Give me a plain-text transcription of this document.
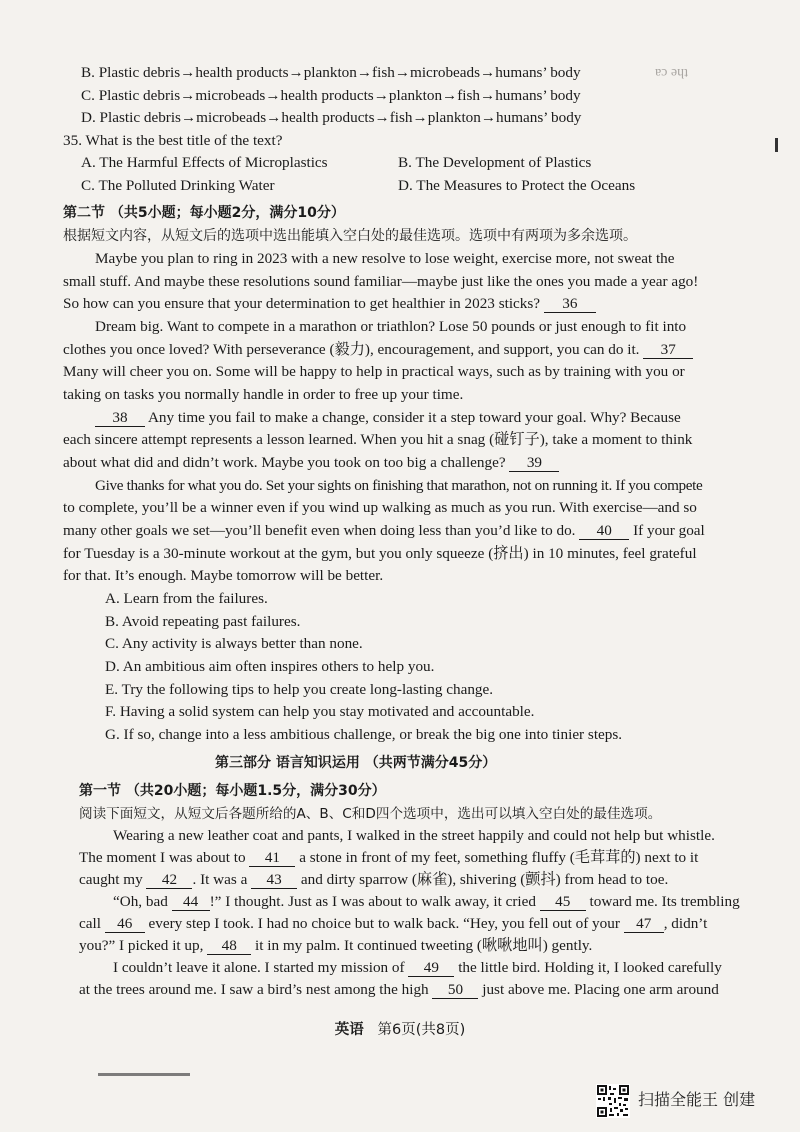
the ca
B. Plastic debris→health products→plankton→fish→microbeads→humans’ body
C. Plastic debris→microbeads→health products→plankton→fish→humans’ body
D. Plastic debris→microbeads→health products→fish→plankton→humans’ body
35. What is the best title of the text?
A. The Harmful Effects of Microplastics	B. The Development of Plastics
C. The Polluted Drinking Water	D. The Measures to Protect the Oceans
第二节 （共5小题；每小题2分，满分10分）
根据短文内容，从短文后的选项中选出能填入空白处的最佳选项。选项中有两项为多余选项。
Maybe you plan to ring in 2023 with a new resolve to lose weight, exercise more, not sweat the
small stuff. And maybe these resolutions sound familiar—maybe just like the ones you made a year ago!
So how can you ensure that your determination to get healthier in 2023 sticks? 36
Dream big. Want to compete in a marathon or triathlon? Lose 50 pounds or just enough to fit into
clothes you once loved? With perseverance (毅力), encouragement, and support, you can do it. 37
Many will cheer you on. Some will be happy to help in practical ways, such as by training with you or
taking on tasks you normally handle in order to free up your time.
38 Any time you fail to make a change, consider it a step toward your goal. Why? Because
each sincere attempt represents a lesson learned. When you hit a snag (碰钉子), take a moment to think
about what did and didn’t work. Maybe you took on too big a challenge? 39
Give thanks for what you do. Set your sights on finishing that marathon, not on running it. If you compete
to complete, you’ll be a winner even if you wind up walking as much as you run. With exercise—and so
many other goals we set—you’ll benefit even when doing less than you’d like to do. 40 If your goal
for Tuesday is a 30-minute workout at the gym, but you only squeeze (挤出) in 10 minutes, feel grateful
for that. It’s enough. Maybe tomorrow will be better.
A. Learn from the failures.
B. Avoid repeating past failures.
C. Any activity is always better than none.
D. An ambitious aim often inspires others to help you.
E. Try the following tips to help you create long-lasting change.
F. Having a solid system can help you stay motivated and accountable.
G. If so, change into a less ambitious challenge, or break the big one into tinier steps.
第三部分 语言知识运用 （共两节满分45分）
第一节 （共20小题；每小题1.5分，满分30分）
阅读下面短文，从短文后各题所给的A、B、C和D四个选项中，选出可以填入空白处的最佳选项。
Wearing a new leather coat and pants, I walked in the street happily and could not help but whistle.
The moment I was about to 41 a stone in front of my feet, something fluffy (毛茸茸的) next to it
caught my 42 . It was a 43 and dirty sparrow (麻雀), shivering (颤抖) from head to toe.
“Oh, bad 44 !” I thought. Just as I was about to walk away, it cried 45 toward me. Its trembling
call 46 every step I took. I had no choice but to walk back. “Hey, you fell out of your 47 , didn’t
you?” I picked it up, 48 it in my palm. It continued tweeting (啾啾地叫) gently.
I couldn’t leave it alone. I started my mission of 49 the little bird. Holding it, I looked carefully
at the trees around me. I saw a bird’s nest among the high 50 just above me. Placing one arm around
英语 第6页(共8页)
扫描全能王 创建
